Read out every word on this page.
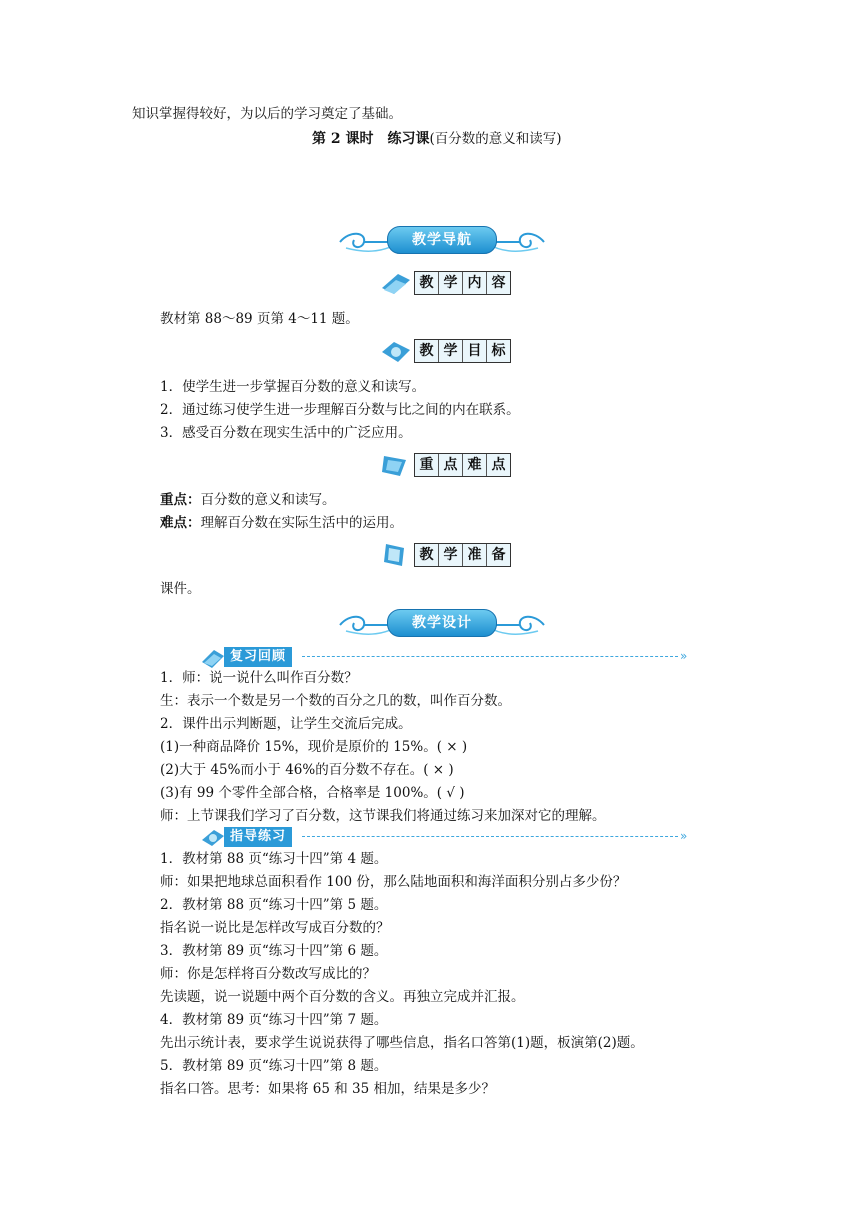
知识掌握得较好，为以后的学习奠定了基础。
第 2 课时　练习课(百分数的意义和读写)
教学导航
教 学 内 容
教材第 88～89 页第 4～11 题。
教 学 目 标
1．使学生进一步掌握百分数的意义和读写。
2．通过练习使学生进一步理解百分数与比之间的内在联系。
3．感受百分数在现实生活中的广泛应用。
重 点 难 点
重点：百分数的意义和读写。
难点：理解百分数在实际生活中的运用。
教 学 准 备
课件。
教学设计
复习回顾	»
1．师：说一说什么叫作百分数？
生：表示一个数是另一个数的百分之几的数，叫作百分数。
2．课件出示判断题，让学生交流后完成。
(1)一种商品降价 15%，现价是原价的 15%。( × )
(2)大于 45%而小于 46%的百分数不存在。( × )
(3)有 99 个零件全部合格，合格率是 100%。( √ )
师：上节课我们学习了百分数，这节课我们将通过练习来加深对它的理解。
指导练习	»
1．教材第 88 页“练习十四”第 4 题。
师：如果把地球总面积看作 100 份，那么陆地面积和海洋面积分别占多少份？
2．教材第 88 页“练习十四”第 5 题。
指名说一说比是怎样改写成百分数的？
3．教材第 89 页“练习十四”第 6 题。
师：你是怎样将百分数改写成比的？
先读题，说一说题中两个百分数的含义。再独立完成并汇报。
4．教材第 89 页“练习十四”第 7 题。
先出示统计表，要求学生说说获得了哪些信息，指名口答第(1)题，板演第(2)题。
5．教材第 89 页“练习十四”第 8 题。
指名口答。思考：如果将 65 和 35 相加，结果是多少？
